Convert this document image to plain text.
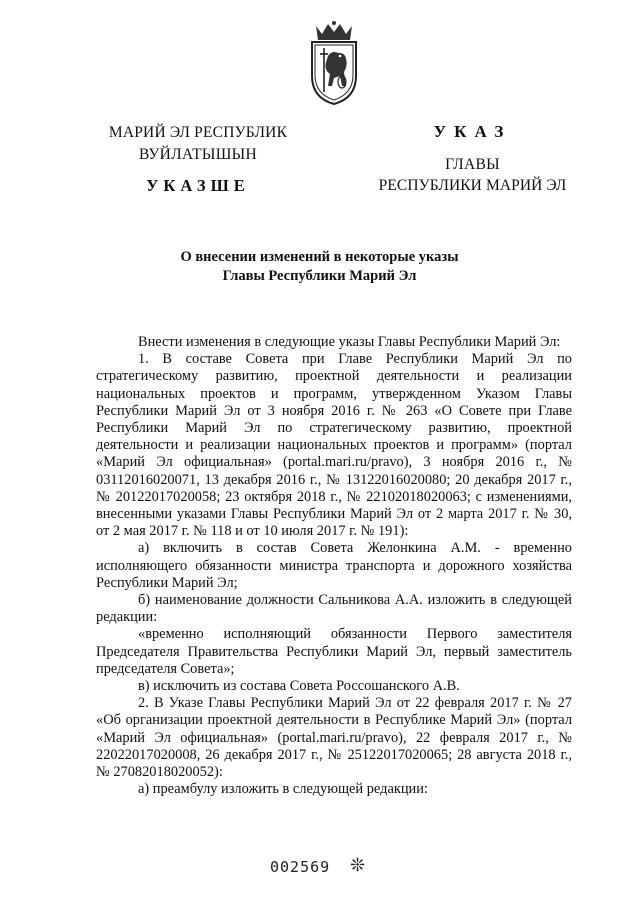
МАРИЙ ЭЛ РЕСПУБЛИК
ВУЙЛАТЫШЫН
УКАЗШЕ
УКАЗ
ГЛАВЫ
РЕСПУБЛИКИ МАРИЙ ЭЛ
О внесении изменений в некоторые указы
Главы Республики Марий Эл

Внести изменения в следующие указы Главы Республики Марий Эл:

1. В составе Совета при Главе Республики Марий Эл по стратегическому развитию, проектной деятельности и реализации национальных проектов и программ, утвержденном Указом Главы Республики Марий Эл от 3 ноября 2016 г. № 263 «О Совете при Главе Республики Марий Эл по стратегическому развитию, проектной деятельности и реализации национальных проектов и программ» (портал «Марий Эл официальная» (portal.mari.ru/pravo), 3 ноября 2016 г., № 03112016020071, 13 декабря 2016 г., № 13122016020080; 20 декабря 2017 г., № 20122017020058; 23 октября 2018 г., № 22102018020063; с изменениями, внесенными указами Главы Республики Марий Эл от 2 марта 2017 г. № 30, от 2 мая 2017 г. № 118 и от 10 июля 2017 г. № 191):

а) включить в состав Совета Желонкина А.М. - временно исполняющего обязанности министра транспорта и дорожного хозяйства Республики Марий Эл;

б) наименование должности Сальникова А.А. изложить в следующей редакции:

«временно исполняющий обязанности Первого заместителя Председателя Правительства Республики Марий Эл, первый заместитель председателя Совета»;

в) исключить из состава Совета Россошанского А.В.

2. В Указе Главы Республики Марий Эл от 22 февраля 2017 г. № 27 «Об организации проектной деятельности в Республике Марий Эл» (портал «Марий Эл официальная» (portal.mari.ru/pravo), 22 февраля 2017 г., № 22022017020008, 26 декабря 2017 г., № 25122017020065; 28 августа 2018 г., № 27082018020052):

а) преамбулу изложить в следующей редакции:

002569 ❊
